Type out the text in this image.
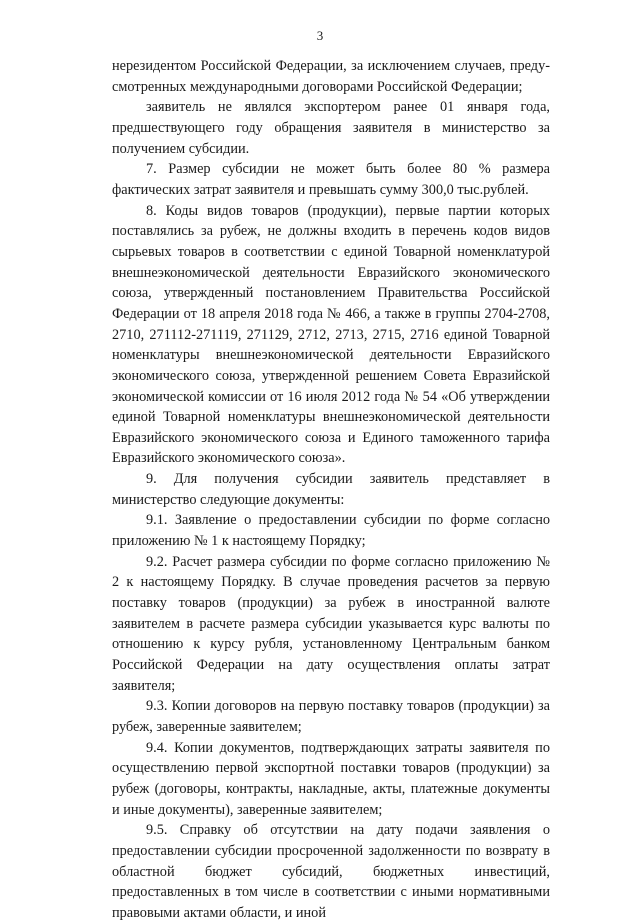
3

нерезидентом Российской Федерации, за исключением случаев, предусмотренных международными договорами Российской Федерации;

заявитель не являлся экспортером ранее 01 января года, предшествующего году обращения заявителя в министерство за получением субсидии.

7. Размер субсидии не может быть более 80 % размера фактических затрат заявителя и превышать сумму 300,0 тыс.рублей.

8. Коды видов товаров (продукции), первые партии которых поставлялись за рубеж, не должны входить в перечень кодов видов сырьевых товаров в соответствии с единой Товарной номенклатурой внешнеэкономической деятельности Евразийского экономического союза, утвержденный постановлением Правительства Российской Федерации от 18 апреля 2018 года № 466, а также в группы 2704-2708, 2710, 271112-271119, 271129, 2712, 2713, 2715, 2716 единой Товарной номенклатуры внешнеэкономической деятельности Евразийского экономического союза, утвержденной решением Совета Евразийской экономической комиссии от 16 июля 2012 года № 54 «Об утверждении единой Товарной номенклатуры внешнеэкономической деятельности Евразийского экономического союза и Единого таможенного тарифа Евразийского экономического союза».

9. Для получения субсидии заявитель представляет в министерство следующие документы:

9.1. Заявление о предоставлении субсидии по форме согласно приложению № 1 к настоящему Порядку;

9.2. Расчет размера субсидии по форме согласно приложению № 2 к настоящему Порядку. В случае проведения расчетов за первую поставку товаров (продукции) за рубеж в иностранной валюте заявителем в расчете размера субсидии указывается курс валюты по отношению к курсу рубля, установленному Центральным банком Российской Федерации на дату осуществления оплаты затрат заявителя;

9.3. Копии договоров на первую поставку товаров (продукции) за рубеж, заверенные заявителем;

9.4. Копии документов, подтверждающих затраты заявителя по осуществлению первой экспортной поставки товаров (продукции) за рубеж (договоры, контракты, накладные, акты, платежные документы и иные документы), заверенные заявителем;

9.5. Справку об отсутствии на дату подачи заявления о предоставлении субсидии просроченной задолженности по возврату в областной бюджет субсидий, бюджетных инвестиций, предоставленных в том числе в соответствии с иными нормативными правовыми актами области, и иной
